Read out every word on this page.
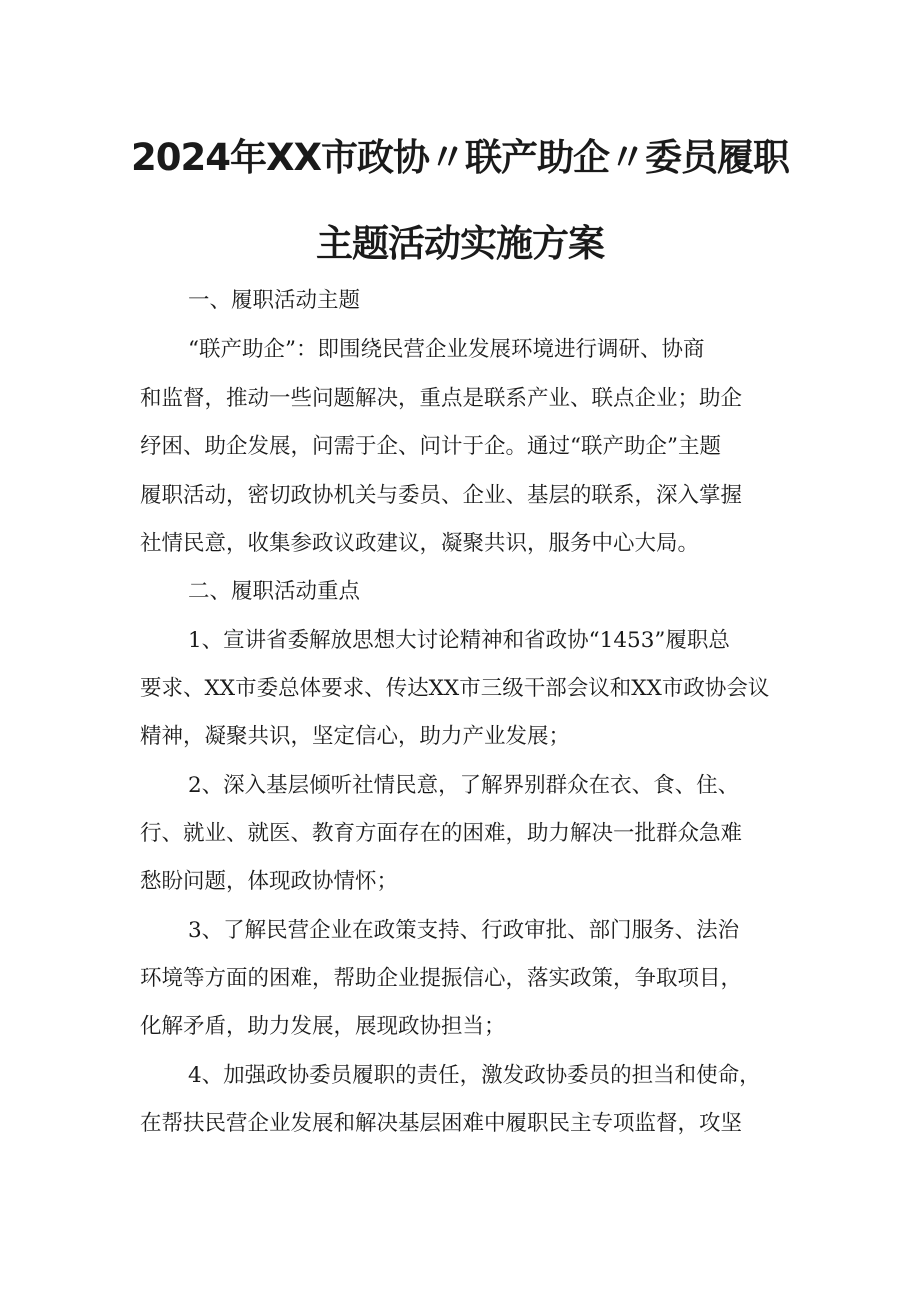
2024年XX市政协〃联产助企〃委员履职
主题活动实施方案
一、履职活动主题
“联产助企”：即围绕民营企业发展环境进行调研、协商
和监督，推动一些问题解决，重点是联系产业、联点企业；助企
纾困、助企发展，问需于企、问计于企。通过“联产助企”主题
履职活动，密切政协机关与委员、企业、基层的联系，深入掌握
社情民意，收集参政议政建议，凝聚共识，服务中心大局。
二、履职活动重点
1、宣讲省委解放思想大讨论精神和省政协“1453”履职总
要求、XX市委总体要求、传达XX市三级干部会议和XX市政协会议
精神，凝聚共识，坚定信心，助力产业发展；
2、深入基层倾听社情民意，了解界别群众在衣、食、住、
行、就业、就医、教育方面存在的困难，助力解决一批群众急难
愁盼问题，体现政协情怀；
3、了解民营企业在政策支持、行政审批、部门服务、法治
环境等方面的困难，帮助企业提振信心，落实政策，争取项目，
化解矛盾，助力发展，展现政协担当；
4、加强政协委员履职的责任，激发政协委员的担当和使命，
在帮扶民营企业发展和解决基层困难中履职民主专项监督，攻坚
